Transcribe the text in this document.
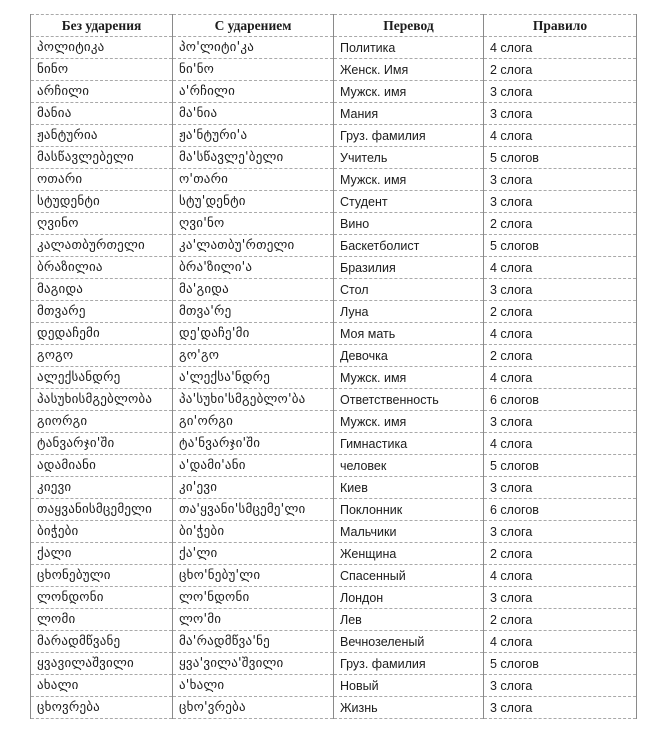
Без ударения	С ударением	Перевод	Правило
პოლიტიკა	პო'ლიტი'კა	Политика	4 слога
ნინო	ნი'ნო	Женск. Имя	2 слога
არჩილი	ა'რჩილი	Мужск. имя	3 слога
მანია	მა'ნია	Мания	3 слога
ჟანტურია	ჟა'ნტური'ა	Груз. фамилия	4 слога
მასწავლებელი	მა'სწავლე'ბელი	Учитель	5 слогов
ოთარი	ო'თარი	Мужск. имя	3 слога
სტუდენტი	სტუ'დენტი	Студент	3 слога
ღვინო	ღვი'ნო	Вино	2 слога
კალათბურთელი	კა'ლათბუ'რთელი	Баскетболист	5 слогов
ბრაზილია	ბრა'ზილი'ა	Бразилия	4 слога
მაგიდა	მა'გიდა	Стол	3 слога
მთვარე	მთვა'რე	Луна	2 слога
დედაჩემი	დე'დაჩე'მი	Моя мать	4 слога
გოგო	გო'გო	Девочка	2 слога
ალექსანდრე	ა'ლექსა'ნდრე	Мужск. имя	4 слога
პასუხისმგებლობა	პა'სუხი'სმგებლო'ბა	Ответственность	6 слогов
გიორგი	გი'ორგი	Мужск. имя	3 слога
ტანვარჯი'ში	ტა'ნვარჯი'ში	Гимнастика	4 слога
ადამიანი	ა'დამი'ანი	человек	5 слогов
კიევი	კი'ევი	Киев	3 слога
თაყვანისმცემელი	თა'ყვანი'სმცემე'ლი	Поклонник	6 слогов
ბიჭები	ბი'ჭები	Мальчики	3 слога
ქალი	ქა'ლი	Женщина	2 слога
ცხონებული	ცხო'ნებუ'ლი	Спасенный	4 слога
ლონდონი	ლო'ნდონი	Лондон	3 слога
ლომი	ლო'მი	Лев	2 слога
მარადმწვანე	მა'რადმწვა'ნე	Вечнозеленый	4 слога
ყვავილაშვილი	ყვა'ვილა'შვილი	Груз. фамилия	5 слогов
ახალი	ა'ხალი	Новый	3 слога
ცხოვრება	ცხო'ვრება	Жизнь	3 слога
